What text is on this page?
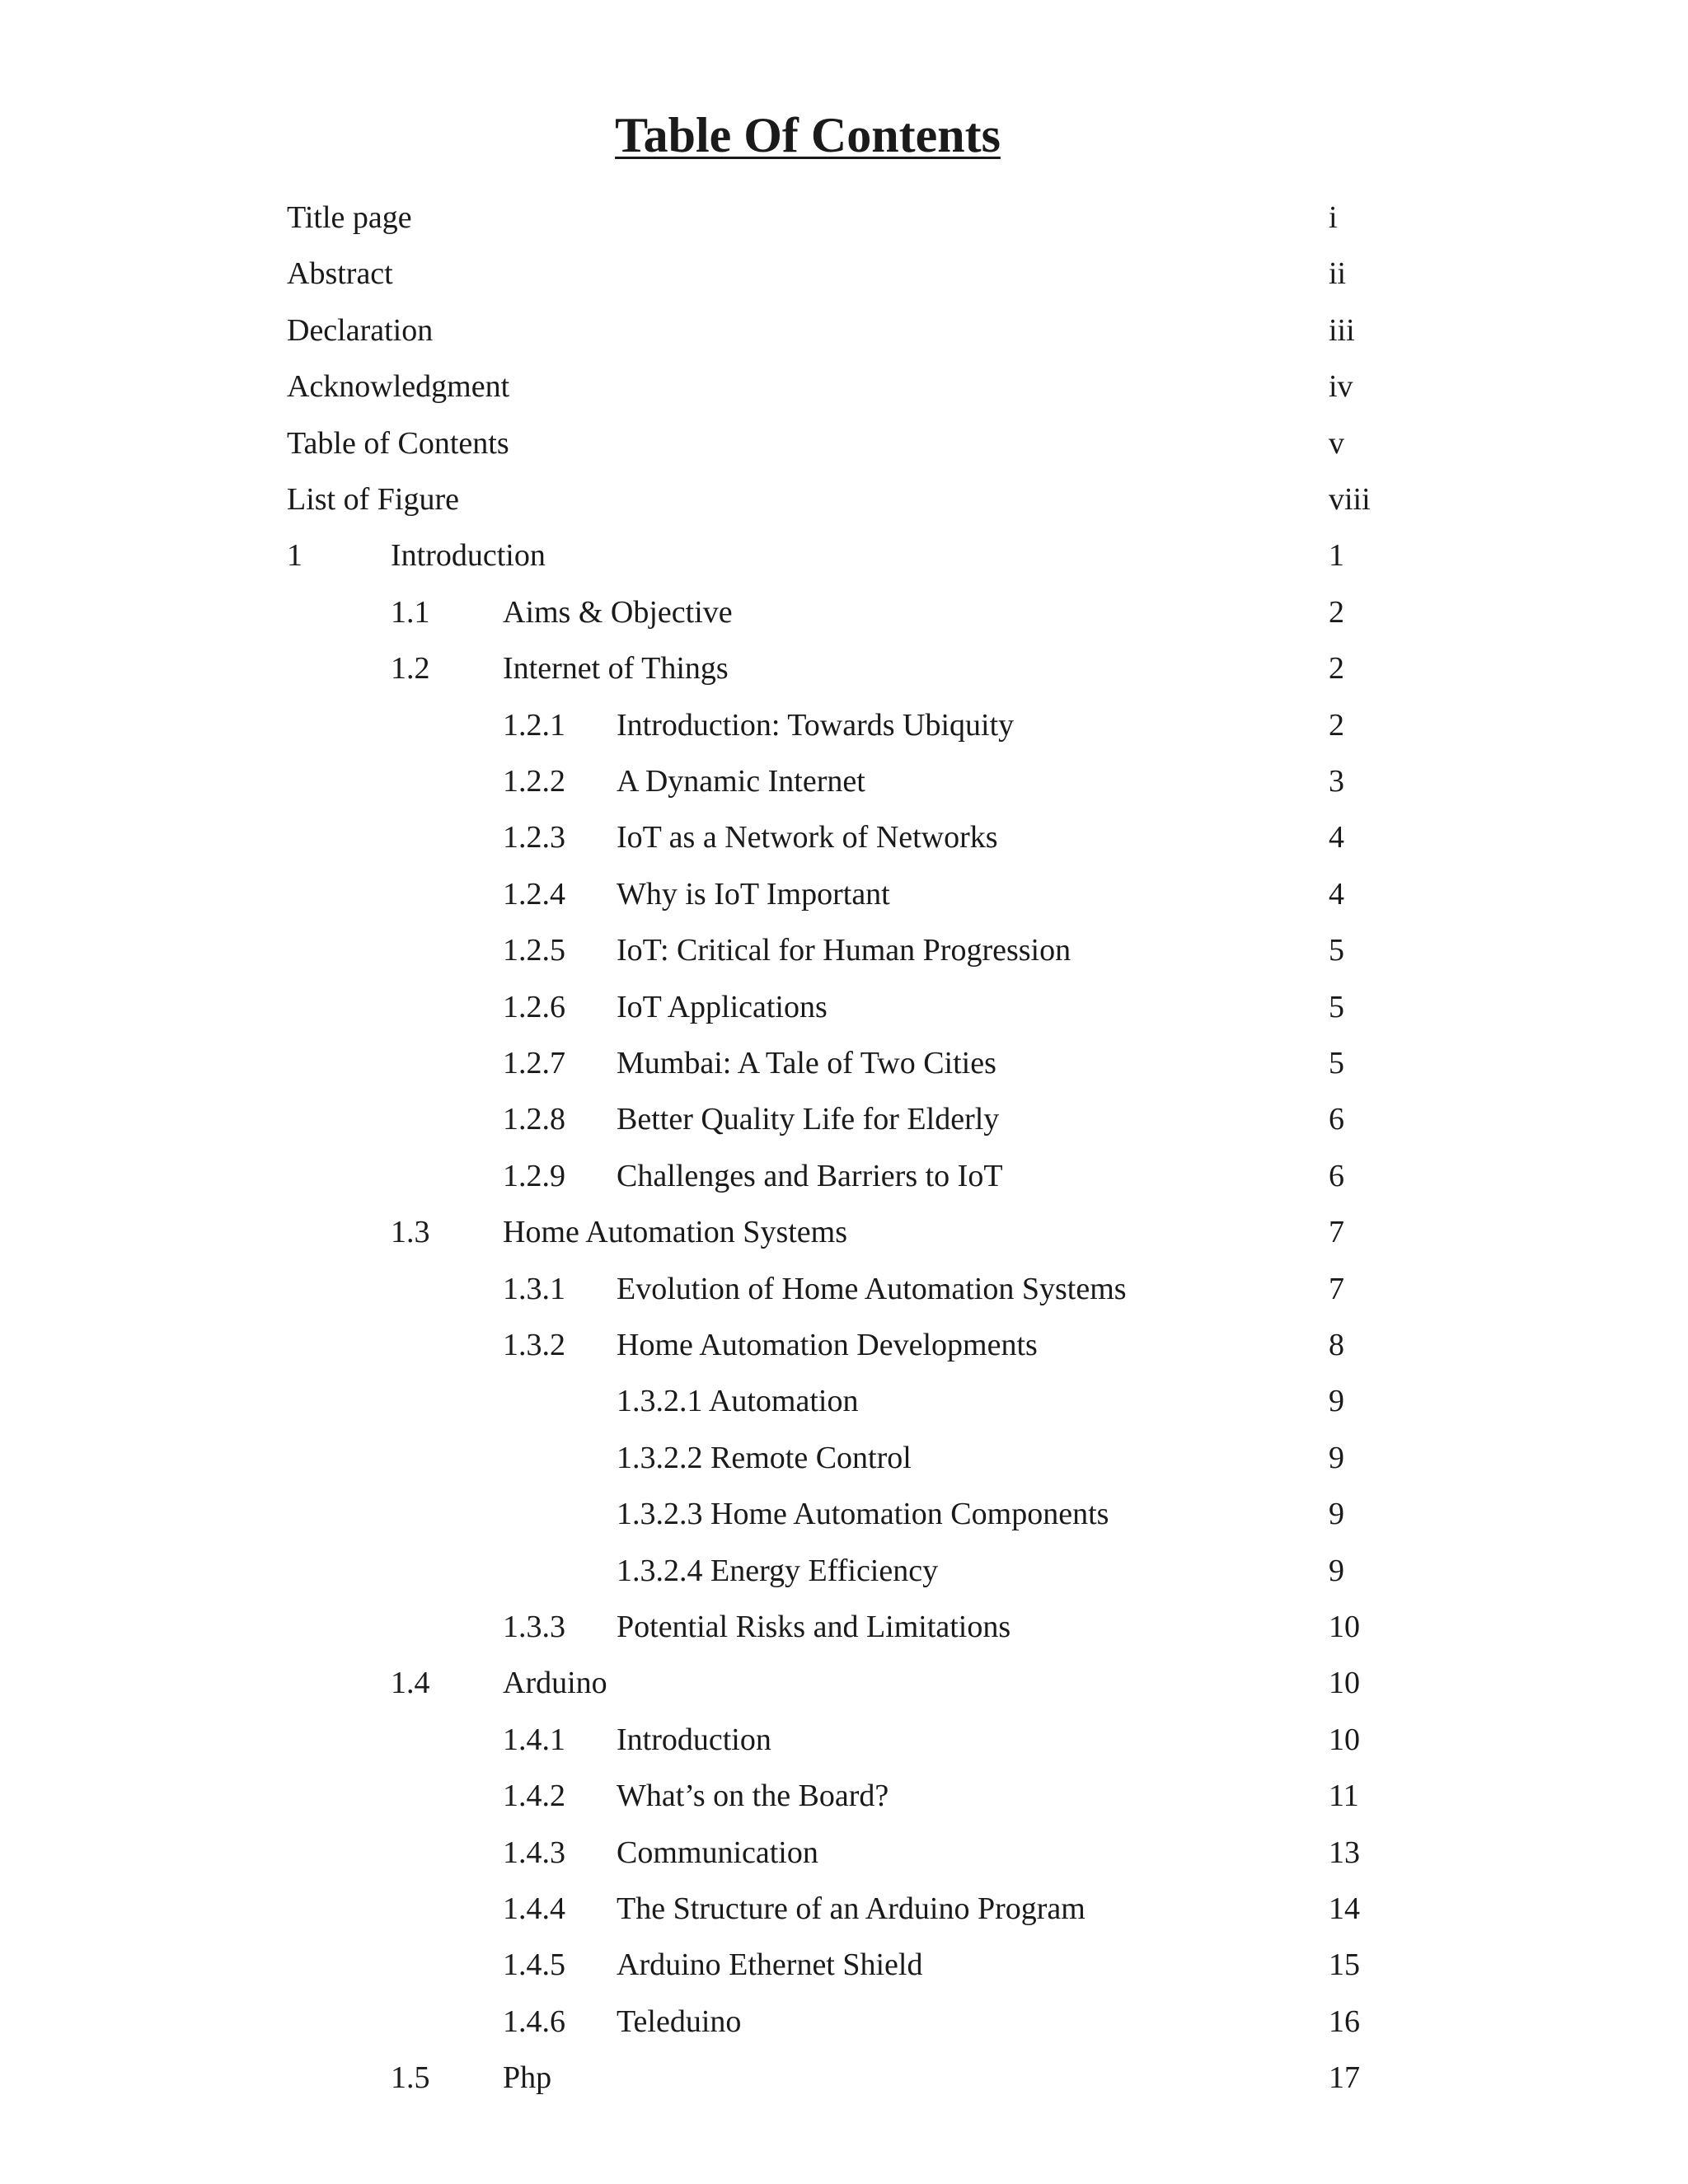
Table Of Contents
Title page	i
Abstract	ii
Declaration	iii
Acknowledgment	iv
Table of Contents	v
List of Figure	viii
1	Introduction	1
1.1 Aims & Objective	2
1.2 Internet of Things	2
1.2.1 Introduction: Towards Ubiquity	2
1.2.2 A Dynamic Internet	3
1.2.3 IoT as a Network of Networks	4
1.2.4 Why is IoT Important	4
1.2.5 IoT: Critical for Human Progression	5
1.2.6 IoT Applications	5
1.2.7 Mumbai: A Tale of Two Cities	5
1.2.8 Better Quality Life for Elderly	6
1.2.9 Challenges and Barriers to IoT	6
1.3 Home Automation Systems	7
1.3.1 Evolution of Home Automation Systems	7
1.3.2 Home Automation Developments	8
1.3.2.1 Automation	9
1.3.2.2 Remote Control	9
1.3.2.3 Home Automation Components	9
1.3.2.4 Energy Efficiency	9
1.3.3 Potential Risks and Limitations	10
1.4 Arduino	10
1.4.1 Introduction	10
1.4.2 What’s on the Board?	11
1.4.3 Communication	13
1.4.4 The Structure of an Arduino Program	14
1.4.5 Arduino Ethernet Shield	15
1.4.6 Teleduino	16
1.5 Php	17
